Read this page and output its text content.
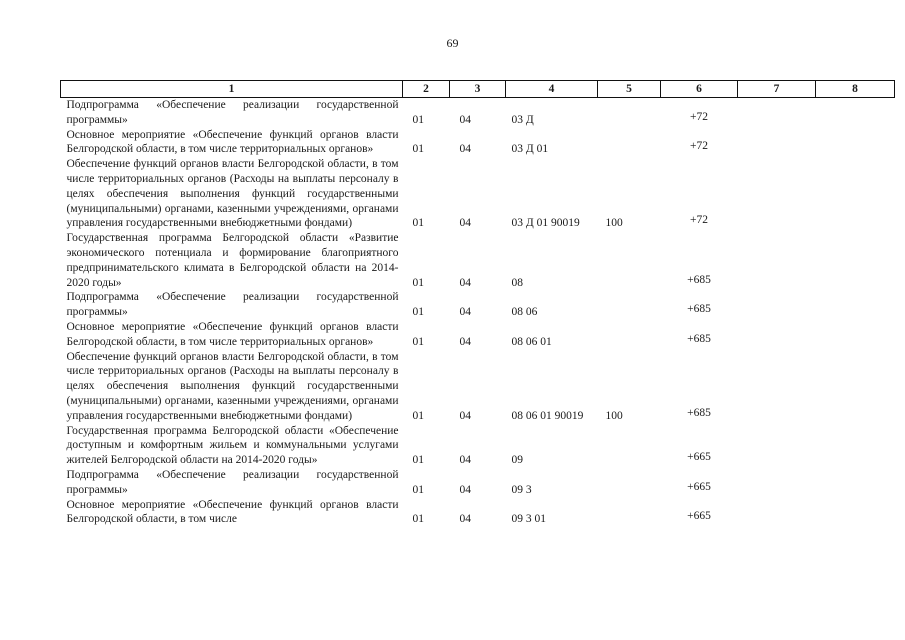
69
1	2	3	4	5	6	7	8
Подпрограмма «Обеспечение реализации государственной программы»	01	04	03 Д		+72		
Основное мероприятие «Обеспечение функций органов власти Белгородской области, в том числе территориальных органов»	01	04	03 Д 01		+72		
Обеспечение функций органов власти Белгородской области, в том числе территориальных органов (Расходы на выплаты персоналу в целях обеспечения выполнения функций государственными (муниципальными) органами, казенными учреждениями, органами управления государственными внебюджетными фондами)	01	04	03 Д 01 90019	100	+72		
Государственная программа Белгородской области «Развитие экономического потенциала и формирование благоприятного предпринимательского климата в Белгородской области на 2014-2020 годы»	01	04	08		+685		
Подпрограмма «Обеспечение реализации государственной программы»	01	04	08 06		+685		
Основное мероприятие «Обеспечение функций органов власти Белгородской области, в том числе территориальных органов»	01	04	08 06 01		+685		
Обеспечение функций органов власти Белгородской области, в том числе территориальных органов (Расходы на выплаты персоналу в целях обеспечения выполнения функций государственными (муниципальными) органами, казенными учреждениями, органами управления государственными внебюджетными фондами)	01	04	08 06 01 90019	100	+685		
Государственная программа Белгородской области «Обеспечение доступным и комфортным жильем и коммунальными услугами жителей Белгородской области на 2014-2020 годы»	01	04	09		+665		
Подпрограмма «Обеспечение реализации государственной программы»	01	04	09 3		+665		
Основное мероприятие «Обеспечение функций органов власти Белгородской области, в том числе	01	04	09 3 01		+665		
